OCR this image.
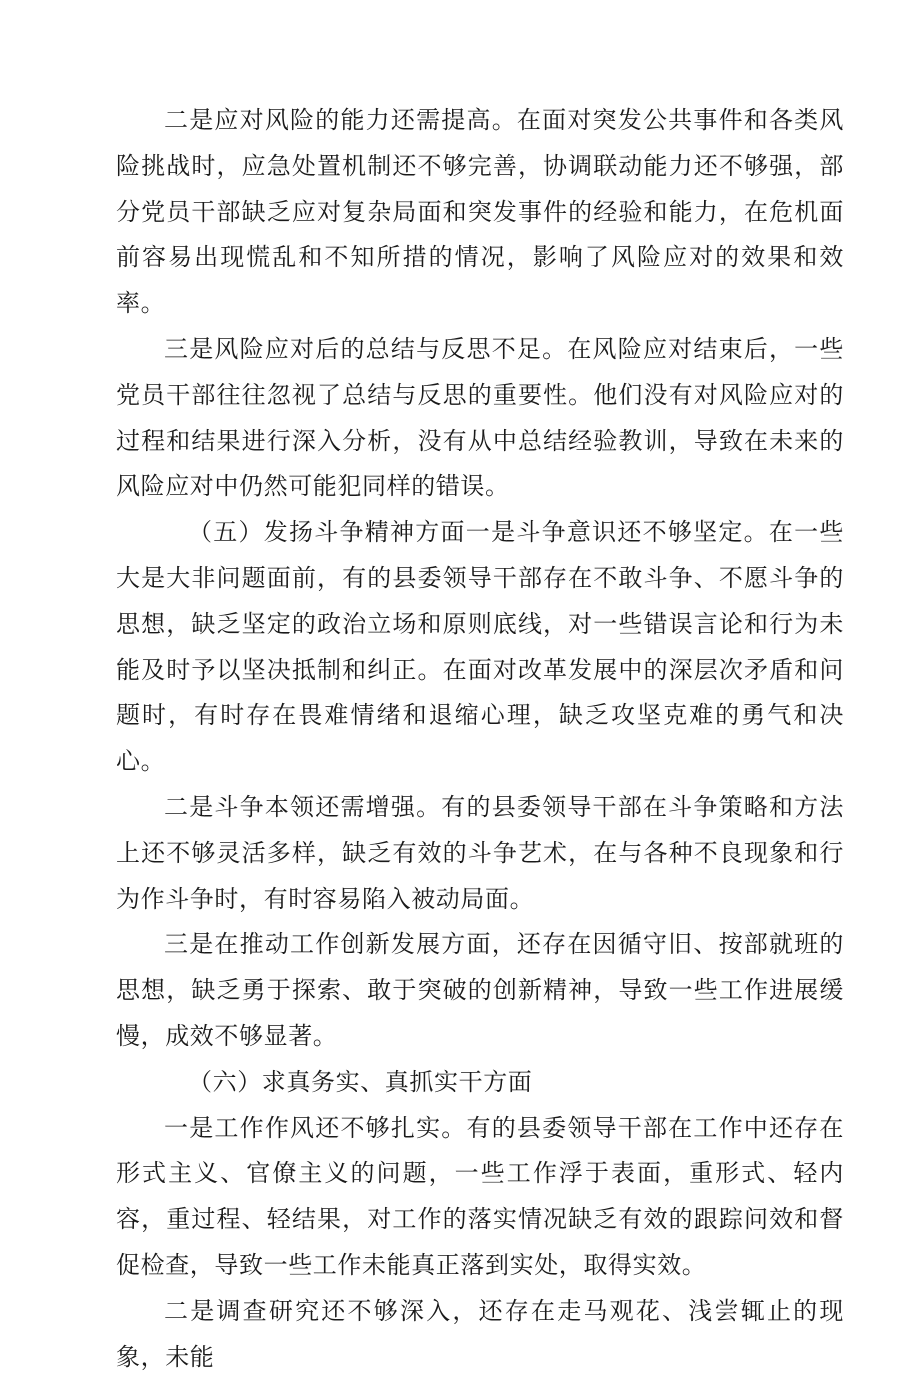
二是应对风险的能力还需提高。在面对突发公共事件和各类风险挑战时，应急处置机制还不够完善，协调联动能力还不够强，部分党员干部缺乏应对复杂局面和突发事件的经验和能力，在危机面前容易出现慌乱和不知所措的情况，影响了风险应对的效果和效率。

三是风险应对后的总结与反思不足。在风险应对结束后，一些党员干部往往忽视了总结与反思的重要性。他们没有对风险应对的过程和结果进行深入分析，没有从中总结经验教训，导致在未来的风险应对中仍然可能犯同样的错误。

（五）发扬斗争精神方面一是斗争意识还不够坚定。在一些大是大非问题面前，有的县委领导干部存在不敢斗争、不愿斗争的思想，缺乏坚定的政治立场和原则底线，对一些错误言论和行为未能及时予以坚决抵制和纠正。在面对改革发展中的深层次矛盾和问题时，有时存在畏难情绪和退缩心理，缺乏攻坚克难的勇气和决心。

二是斗争本领还需增强。有的县委领导干部在斗争策略和方法上还不够灵活多样，缺乏有效的斗争艺术，在与各种不良现象和行为作斗争时，有时容易陷入被动局面。

三是在推动工作创新发展方面，还存在因循守旧、按部就班的思想，缺乏勇于探索、敢于突破的创新精神，导致一些工作进展缓慢，成效不够显著。

（六）求真务实、真抓实干方面

一是工作作风还不够扎实。有的县委领导干部在工作中还存在形式主义、官僚主义的问题，一些工作浮于表面，重形式、轻内容，重过程、轻结果，对工作的落实情况缺乏有效的跟踪问效和督促检查，导致一些工作未能真正落到实处，取得实效。

二是调查研究还不够深入，还存在走马观花、浅尝辄止的现象，未能
